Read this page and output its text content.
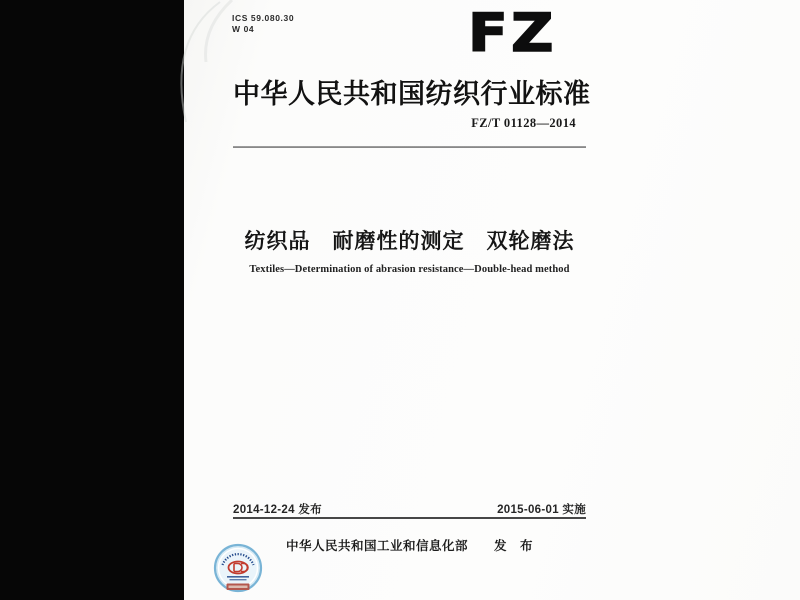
ICS 59.080.30
W 04	FZ
中华人民共和国纺织行业标准
FZ/T 01128—2014
纺织品　耐磨性的测定　双轮磨法
Textiles—Determination of abrasion resistance—Double-head method
2014-12-24 发布	2015-06-01 实施
中华人民共和国工业和信息化部　　发　布
